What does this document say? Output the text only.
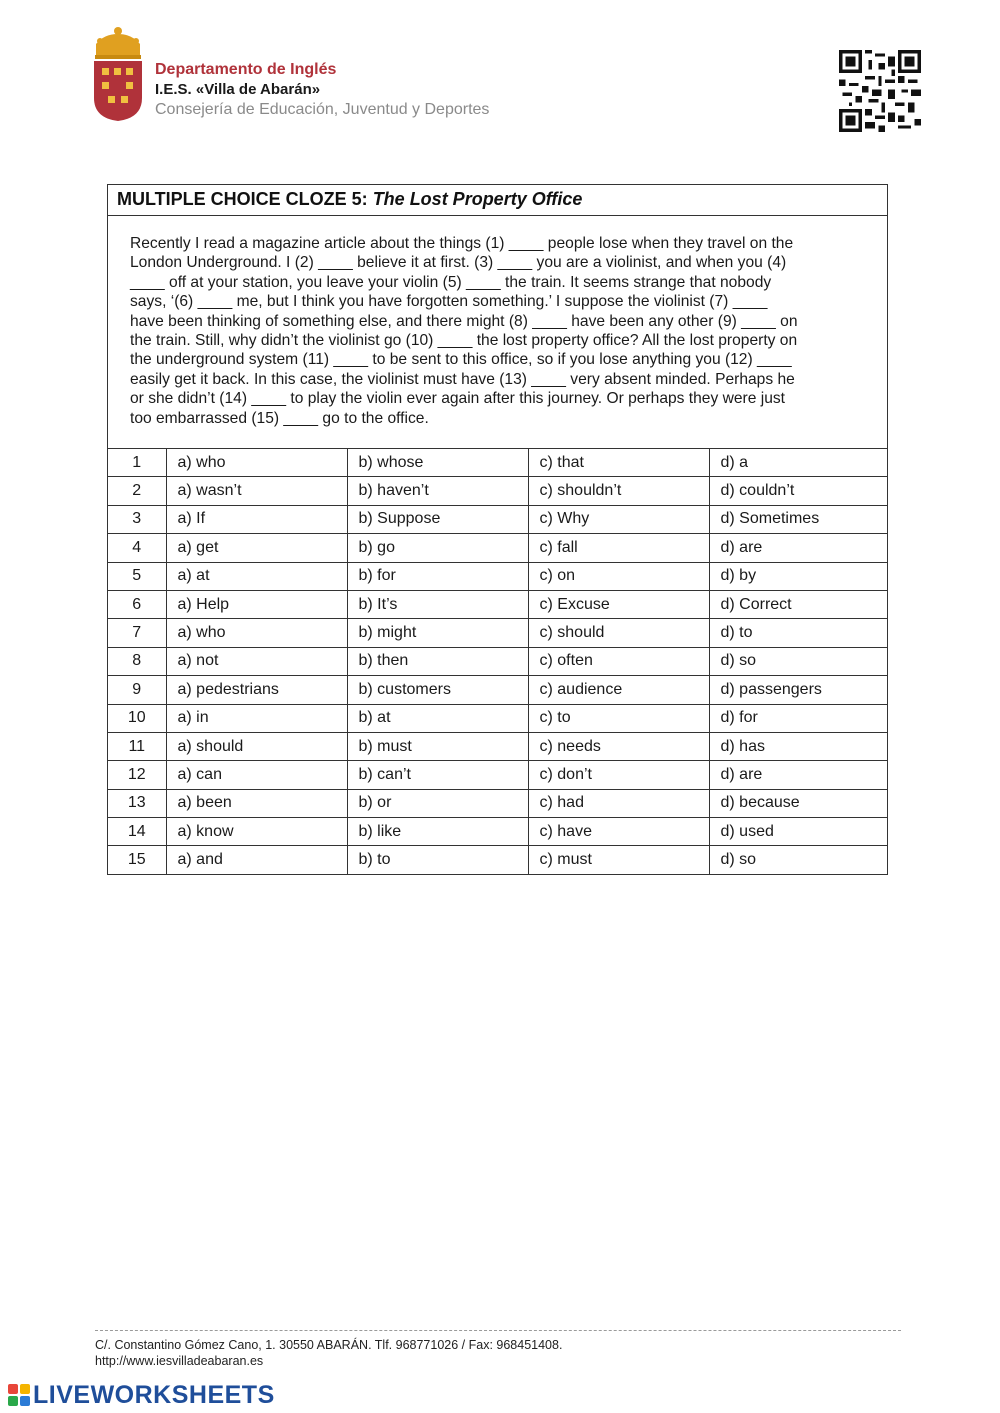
Departamento de Inglés
I.E.S. «Villa de Abarán»
Consejería de Educación, Juventud y Deportes
MULTIPLE CHOICE CLOZE 5: The Lost Property Office
Recently I read a magazine article about the things (1) ____ people lose when they travel on the
London Underground. I (2) ____ believe it at first. (3) ____ you are a violinist, and when you (4)
____ off at your station, you leave your violin (5) ____ the train. It seems strange that nobody
says, ‘(6) ____ me, but I think you have forgotten something.’ I suppose the violinist (7) ____
have been thinking of something else, and there might (8) ____ have been any other (9) ____ on
the train. Still, why didn’t the violinist go (10) ____ the lost property office? All the lost property on
the underground system (11) ____ to be sent to this office, so if you lose anything you (12) ____
easily get it back. In this case, the violinist must have (13) ____ very absent minded. Perhaps he
or she didn’t (14) ____ to play the violin ever again after this journey. Or perhaps they were just
too embarrassed (15) ____ go to the office.
1	a) who	b) whose	c) that	d) a
2	a) wasn’t	b) haven’t	c) shouldn’t	d) couldn’t
3	a) If	b) Suppose	c) Why	d) Sometimes
4	a) get	b) go	c) fall	d) are
5	a) at	b) for	c) on	d) by
6	a) Help	b) It’s	c) Excuse	d) Correct
7	a) who	b) might	c) should	d) to
8	a) not	b) then	c) often	d) so
9	a) pedestrians	b) customers	c) audience	d) passengers
10	a) in	b) at	c) to	d) for
11	a) should	b) must	c) needs	d) has
12	a) can	b) can’t	c) don’t	d) are
13	a) been	b) or	c) had	d) because
14	a) know	b) like	c) have	d) used
15	a) and	b) to	c) must	d) so
C/. Constantino Gómez Cano, 1. 30550 ABARÁN. Tlf. 968771026 / Fax: 968451408.
http://www.iesvilladeabaran.es
LIVEWORKSHEETS
